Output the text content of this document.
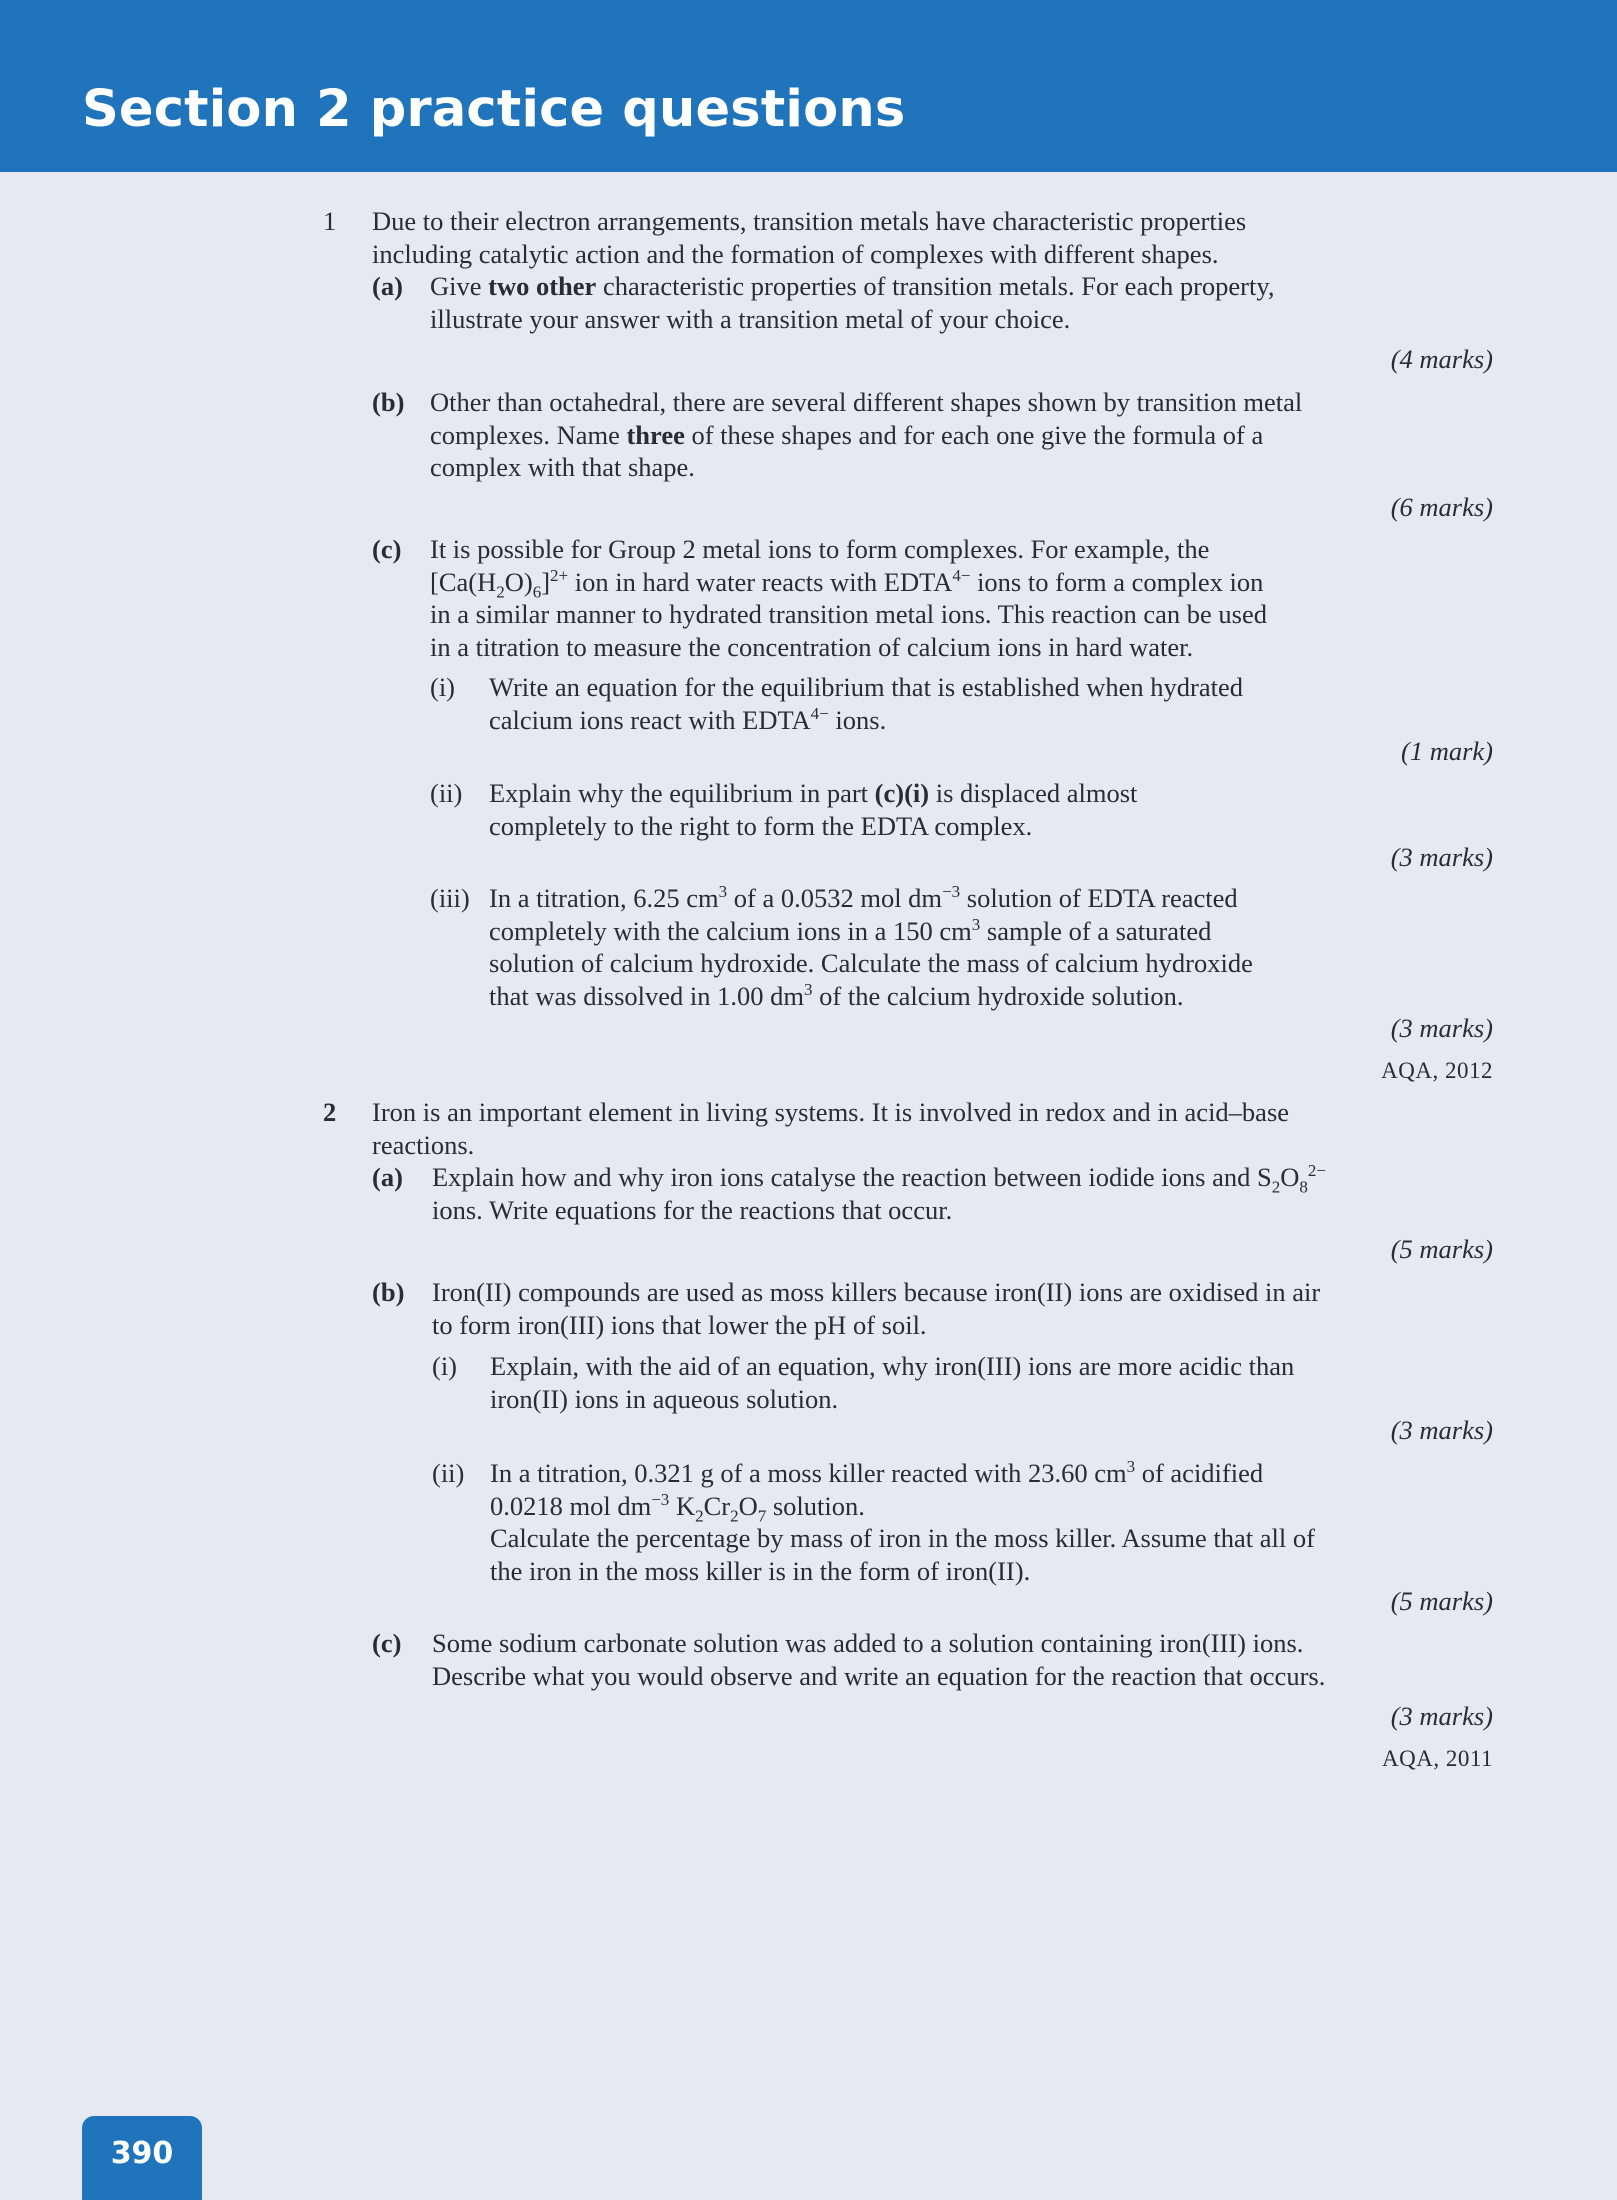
Section 2 practice questions
1 Due to their electron arrangements, transition metals have characteristic properties
including catalytic action and the formation of complexes with different shapes.
(a) Give two other characteristic properties of transition metals. For each property,
illustrate your answer with a transition metal of your choice.
(4 marks)
(b) Other than octahedral, there are several different shapes shown by transition metal
complexes. Name three of these shapes and for each one give the formula of a
complex with that shape.
(6 marks)
(c) It is possible for Group 2 metal ions to form complexes. For example, the
$[Ca(H_2O)_6]^{2+}$ ion in hard water reacts with $EDTA^{4-}$ ions to form a complex ion
in a similar manner to hydrated transition metal ions. This reaction can be used
in a titration to measure the concentration of calcium ions in hard water.
(i) Write an equation for the equilibrium that is established when hydrated
calcium ions react with $EDTA^{4-}$ ions.
(1 mark)
(ii) Explain why the equilibrium in part (c)(i) is displaced almost
completely to the right to form the EDTA complex.
(3 marks)
(iii) In a titration, 6.25 $cm^3$ of a 0.0532 mol $dm^{-3}$ solution of EDTA reacted
completely with the calcium ions in a 150 $cm^3$ sample of a saturated
solution of calcium hydroxide. Calculate the mass of calcium hydroxide
that was dissolved in 1.00 $dm^3$ of the calcium hydroxide solution.
(3 marks)
AQA, 2012
2 Iron is an important element in living systems. It is involved in redox and in acid–base
reactions.
(a) Explain how and why iron ions catalyse the reaction between iodide ions and $S_2O_8^{2-}$
ions. Write equations for the reactions that occur.
(5 marks)
(b) Iron(II) compounds are used as moss killers because iron(II) ions are oxidised in air
to form iron(III) ions that lower the pH of soil.
(i) Explain, with the aid of an equation, why iron(III) ions are more acidic than
iron(II) ions in aqueous solution.
(3 marks)
(ii) In a titration, 0.321 g of a moss killer reacted with 23.60 $cm^3$ of acidified
0.0218 mol $dm^{-3}$ $K_2Cr_2O_7$ solution.
Calculate the percentage by mass of iron in the moss killer. Assume that all of
the iron in the moss killer is in the form of iron(II).
(5 marks)
(c) Some sodium carbonate solution was added to a solution containing iron(III) ions.
Describe what you would observe and write an equation for the reaction that occurs.
(3 marks)
AQA, 2011
390
